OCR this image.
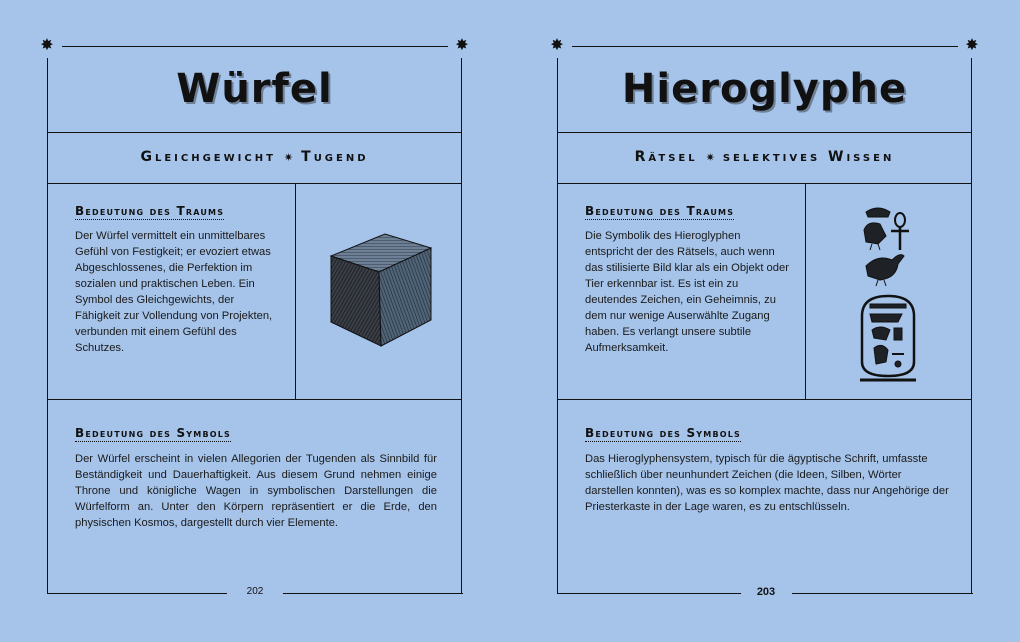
✸	✸
Würfel
Gleichgewicht ✷ Tugend
Bedeutung des Traums
Der Würfel vermittelt ein unmittelbares Gefühl von Festigkeit; er evoziert etwas Abgeschlossenes, die Perfektion im sozialen und praktischen Leben. Ein Symbol des Gleichgewichts, der Fähigkeit zur Vollendung von Projekten, verbunden mit einem Gefühl des Schutzes.
Bedeutung des Symbols
Der Würfel erscheint in vielen Allegorien der Tugenden als Sinnbild für Beständigkeit und Dauerhaftigkeit. Aus diesem Grund nehmen einige Throne und königliche Wagen in symbolischen Darstellungen die Würfelform an. Unter den Körpern repräsentiert er die Erde, den physischen Kosmos, dargestellt durch vier Elemente.
202
✸	✸
Hieroglyphe
Rätsel ✷ selektives Wissen
Bedeutung des Traums
Die Symbolik des Hieroglyphen entspricht der des Rätsels, auch wenn das stilisierte Bild klar als ein Objekt oder Tier erkennbar ist. Es ist ein zu deutendes Zeichen, ein Geheimnis, zu dem nur wenige Auserwählte Zugang haben. Es verlangt unsere subtile Aufmerksamkeit.
Bedeutung des Symbols
Das Hieroglyphensystem, typisch für die ägyptische Schrift, umfasste schließlich über neunhundert Zeichen (die Ideen, Silben, Wörter darstellen konnten), was es so komplex machte, dass nur Angehörige der Priesterkaste in der Lage waren, es zu entschlüsseln.
203
